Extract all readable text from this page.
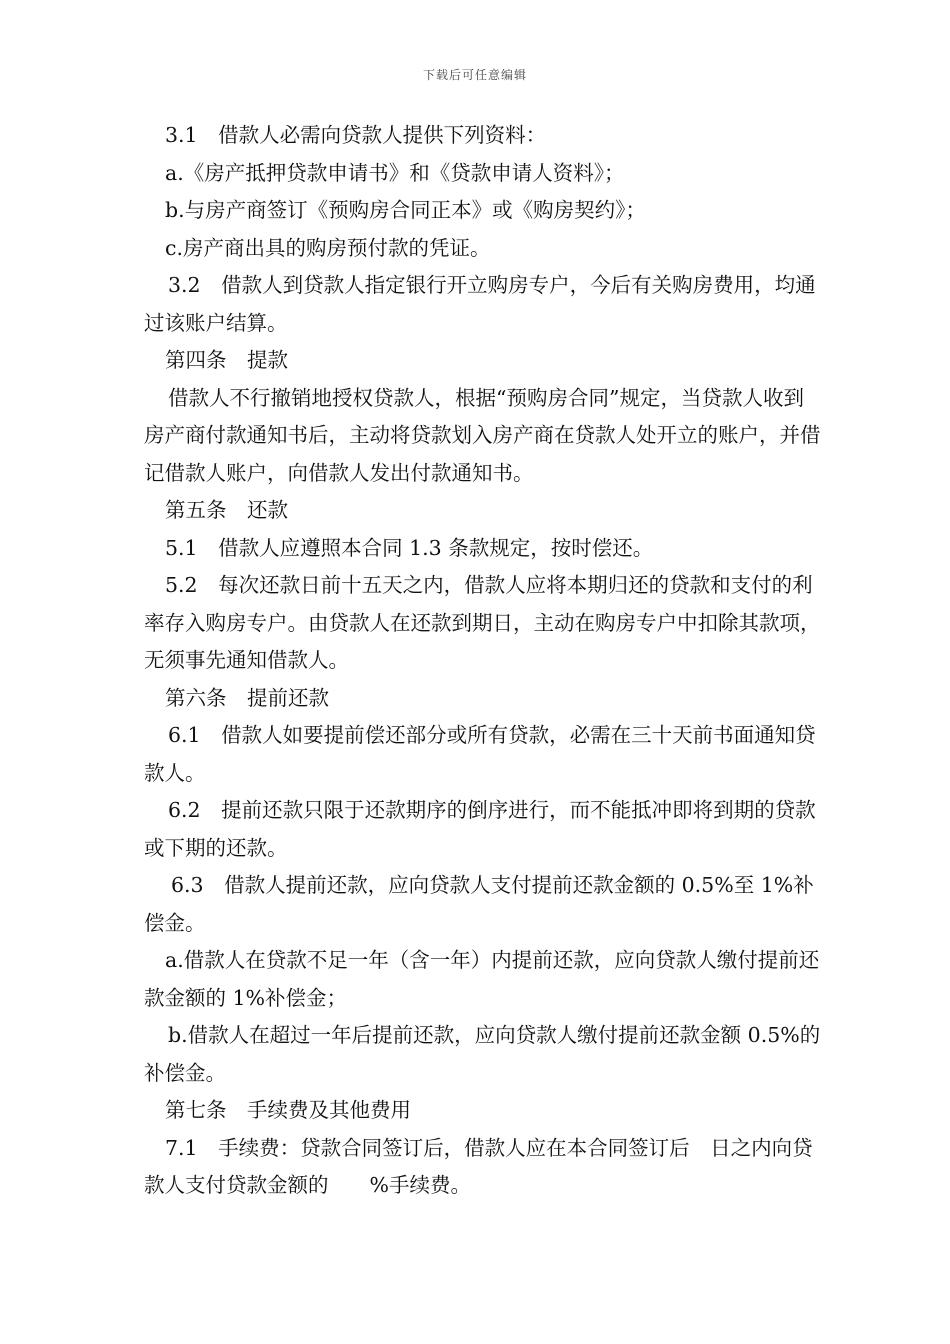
下载后可任意编辑

3.1　借款人必需向贷款人提供下列资料：

a.《房产抵押贷款申请书》和《贷款申请人资料》；

b.与房产商签订《预购房合同正本》或《购房契约》；

c.房产商出具的购房预付款的凭证。

3.2　借款人到贷款人指定银行开立购房专户，今后有关购房费用，均通过该账户结算。

第四条　提款

借款人不行撤销地授权贷款人，根据“预购房合同”规定，当贷款人收到房产商付款通知书后，主动将贷款划入房产商在贷款人处开立的账户，并借记借款人账户，向借款人发出付款通知书。

第五条　还款

5.1　借款人应遵照本合同 1.3 条款规定，按时偿还。

5.2　每次还款日前十五天之内，借款人应将本期归还的贷款和支付的利率存入购房专户。由贷款人在还款到期日，主动在购房专户中扣除其款项，无须事先通知借款人。

第六条　提前还款

6.1　借款人如要提前偿还部分或所有贷款，必需在三十天前书面通知贷款人。

6.2　提前还款只限于还款期序的倒序进行，而不能抵冲即将到期的贷款或下期的还款。

6.3　借款人提前还款，应向贷款人支付提前还款金额的 0.5%至 1%补偿金。

a.借款人在贷款不足一年（含一年）内提前还款，应向贷款人缴付提前还款金额的 1%补偿金；

b.借款人在超过一年后提前还款，应向贷款人缴付提前还款金额 0.5%的补偿金。

第七条　手续费及其他费用

7.1　手续费：贷款合同签订后，借款人应在本合同签订后　日之内向贷款人支付贷款金额的　　%手续费。
